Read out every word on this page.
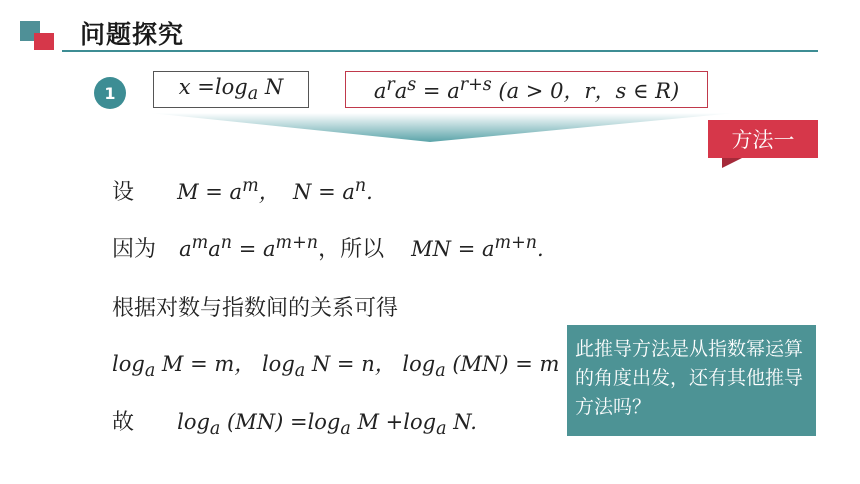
问题探究
1	$x =\log_a$ N	$a^ra^s = a^{r+s}$ (a > 0，r，s ∈ R)
方法一
设 $M = a^m$，  $N = a^n$.
因为 $a^ma^n = a^{m+n}$，所以 MN = $a^{m+n}$.
根据对数与指数间的关系可得
$\log_a M = m$， $\log_a N = n$， $\log_a (MN) = m$
故 $\log_a (MN) =\log_a$ $M +\log_a$ N.
此推导方法是从指数幂运算的角度出发，还有其他推导方法吗？
